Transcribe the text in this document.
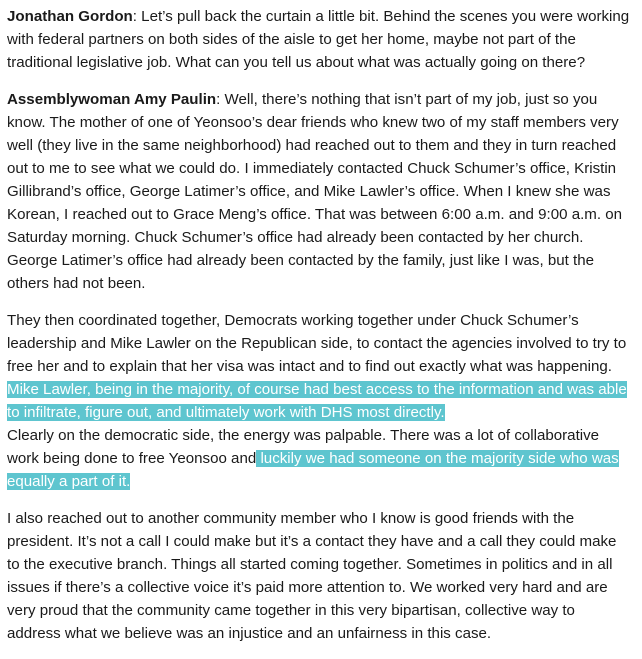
Jonathan Gordon: Let’s pull back the curtain a little bit. Behind the scenes you were working with federal partners on both sides of the aisle to get her home, maybe not part of the traditional legislative job. What can you tell us about what was actually going on there?

Assemblywoman Amy Paulin: Well, there’s nothing that isn’t part of my job, just so you know. The mother of one of Yeonsoo’s dear friends who knew two of my staff members very well (they live in the same neighborhood) had reached out to them and they in turn reached out to me to see what we could do. I immediately contacted Chuck Schumer’s office, Kristin Gillibrand’s office, George Latimer’s office, and Mike Lawler’s office. When I knew she was Korean, I reached out to Grace Meng’s office. That was between 6:00 a.m. and 9:00 a.m. on Saturday morning. Chuck Schumer’s office had already been contacted by her church. George Latimer’s office had already been contacted by the family, just like I was, but the others had not been.

They then coordinated together, Democrats working together under Chuck Schumer’s leadership and Mike Lawler on the Republican side, to contact the agencies involved to try to free her and to explain that her visa was intact and to find out exactly what was happening. Mike Lawler, being in the majority, of course had best access to the information and was able to infiltrate, figure out, and ultimately work with DHS most directly.
Clearly on the democratic side, the energy was palpable. There was a lot of collaborative work being done to free Yeonsoo and luckily we had someone on the majority side who was equally a part of it.

I also reached out to another community member who I know is good friends with the president. It’s not a call I could make but it’s a contact they have and a call they could make to the executive branch. Things all started coming together. Sometimes in politics and in all issues if there’s a collective voice it’s paid more attention to. We worked very hard and are very proud that the community came together in this very bipartisan, collective way to address what we believe was an injustice and an unfairness in this case.
